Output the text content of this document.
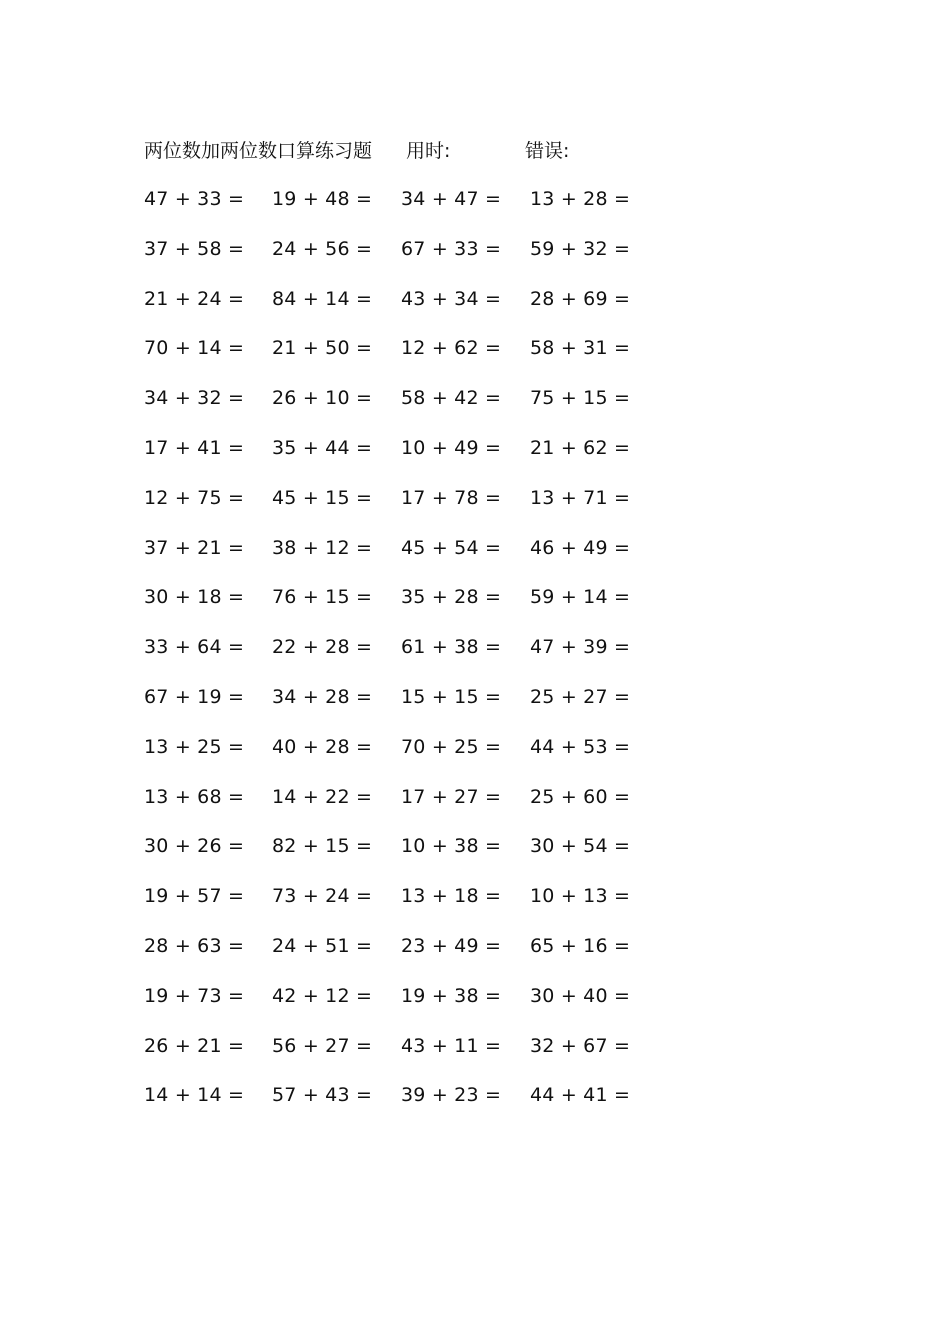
两位数加两位数口算练习题 用时:	错误:
47 + 33 = 19 + 48 = 34 + 47 = 13 + 28 =
37 + 58 = 24 + 56 = 67 + 33 = 59 + 32 =
21 + 24 = 84 + 14 = 43 + 34 = 28 + 69 =
70 + 14 = 21 + 50 = 12 + 62 = 58 + 31 =
34 + 32 = 26 + 10 = 58 + 42 = 75 + 15 =
17 + 41 = 35 + 44 = 10 + 49 = 21 + 62 =
12 + 75 = 45 + 15 = 17 + 78 = 13 + 71 =
37 + 21 = 38 + 12 = 45 + 54 = 46 + 49 =
30 + 18 = 76 + 15 = 35 + 28 = 59 + 14 =
33 + 64 = 22 + 28 = 61 + 38 = 47 + 39 =
67 + 19 = 34 + 28 = 15 + 15 = 25 + 27 =
13 + 25 = 40 + 28 = 70 + 25 = 44 + 53 =
13 + 68 = 14 + 22 = 17 + 27 = 25 + 60 =
30 + 26 = 82 + 15 = 10 + 38 = 30 + 54 =
19 + 57 = 73 + 24 = 13 + 18 = 10 + 13 =
28 + 63 = 24 + 51 = 23 + 49 = 65 + 16 =
19 + 73 = 42 + 12 = 19 + 38 = 30 + 40 =
26 + 21 = 56 + 27 = 43 + 11 = 32 + 67 =
14 + 14 = 57 + 43 = 39 + 23 = 44 + 41 =
